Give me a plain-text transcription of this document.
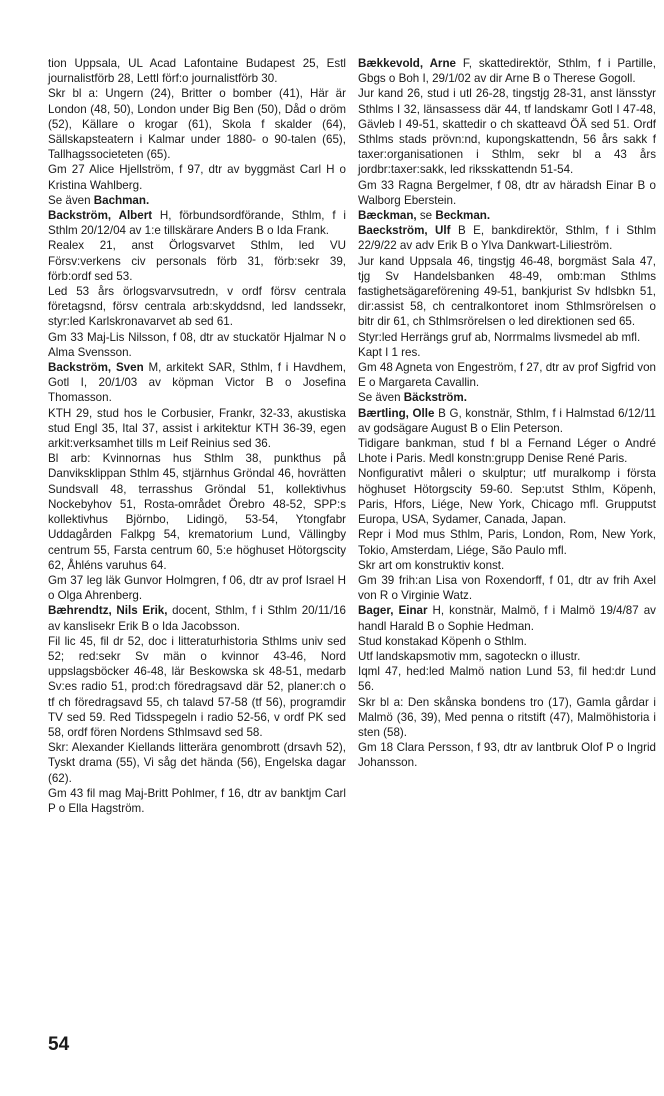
tion Uppsala, UL Acad Lafontaine Budapest 25, Estl journalistförb 28, Lettl förf:o journalistförb 30.

Skr bl a: Ungern (24), Britter o bomber (41), Här är London (48, 50), London under Big Ben (50), Dåd o dröm (52), Källare o krogar (61), Skola f skalder (64), Sällskapsteatern i Kalmar under 1880- o 90-talen (65), Tallhagssocieteten (65).

Gm 27 Alice Hjellström, f 97, dtr av byggmäst Carl H o Kristina Wahlberg.

Se även Bachman.

Backström, Albert H, förbundsordförande, Sthlm, f i Sthlm 20/12/04 av 1:e tillskärare Anders B o Ida Frank.

Realex 21, anst Örlogsvarvet Sthlm, led VU Försv:verkens civ personals förb 31, förb:sekr 39, förb:ordf sed 53.

Led 53 års örlogsvarvsutredn, v ordf försv centrala företagsnd, försv centrala arb:skyddsnd, led landssekr, styr:led Karlskronavarvet ab sed 61.

Gm 33 Maj-Lis Nilsson, f 08, dtr av stuckatör Hjalmar N o Alma Svensson.

Backström, Sven M, arkitekt SAR, Sthlm, f i Havdhem, Gotl I, 20/1/03 av köpman Victor B o Josefina Thomasson.

KTH 29, stud hos le Corbusier, Frankr, 32-33, akustiska stud Engl 35, Ital 37, assist i arkitektur KTH 36-39, egen arkit:verksamhet tills m Leif Reinius sed 36.

Bl arb: Kvinnornas hus Sthlm 38, punkthus på Danviksklippan Sthlm 45, stjärnhus Gröndal 46, hovrätten Sundsvall 48, terrasshus Gröndal 51, kollektivhus Nockebyhov 51, Rosta-området Örebro 48-52, SPP:s kollektivhus Björnbo, Lidingö, 53-54, Ytongfabr Uddagården Falkpg 54, krematorium Lund, Vällingby centrum 55, Farsta centrum 60, 5:e höghuset Hötorgscity 62, Åhléns varuhus 64.

Gm 37 leg läk Gunvor Holmgren, f 06, dtr av prof Israel H o Olga Ahrenberg.

Bæhrendtz, Nils Erik, docent, Sthlm, f i Sthlm 20/11/16 av kanslisekr Erik B o Ida Jacobsson.

Fil lic 45, fil dr 52, doc i litteraturhistoria Sthlms univ sed 52; red:sekr Sv män o kvinnor 43-46, Nord uppslagsböcker 46-48, lär Beskowska sk 48-51, medarb Sv:es radio 51, prod:ch föredragsavd där 52, planer:ch o tf ch föredragsavd 55, ch talavd 57-58 (tf 56), programdir TV sed 59. Red Tidsspegeln i radio 52-56, v ordf PK sed 58, ordf fören Nordens Sthlmsavd sed 58.

Skr: Alexander Kiellands litterära genombrott (drsavh 52), Tyskt drama (55), Vi såg det hända (56), Engelska dagar (62).

Gm 43 fil mag Maj-Britt Pohlmer, f 16, dtr av banktjm Carl P o Ella Hagström.

Bækkevold, Arne F, skattedirektör, Sthlm, f i Partille, Gbgs o Boh I, 29/1/02 av dir Arne B o Therese Gogoll.

Jur kand 26, stud i utl 26-28, tingstjg 28-31, anst länsstyr Sthlms I 32, länsassess där 44, tf landskamr Gotl I 47-48, Gävleb I 49-51, skattedir o ch skatteavd ÖÄ sed 51. Ordf Sthlms stads prövn:nd, kupongskattendn, 56 års sakk f taxer:organisationen i Sthlm, sekr bl a 43 års jordbr:taxer:sakk, led riksskattendn 51-54.

Gm 33 Ragna Bergelmer, f 08, dtr av häradsh Einar B o Walborg Eberstein.

Bæckman, se Beckman.

Baeckström, Ulf B E, bankdirektör, Sthlm, f i Sthlm 22/9/22 av adv Erik B o Ylva Dankwart-Lilieström.

Jur kand Uppsala 46, tingstjg 46-48, borgmäst Sala 47, tjg Sv Handelsbanken 48-49, omb:man Sthlms fastighetsägareförening 49-51, bankjurist Sv hdlsbkn 51, dir:assist 58, ch centralkontoret inom Sthlmsrörelsen o bitr dir 61, ch Sthlmsrörelsen o led direktionen sed 65.

Styr:led Herrängs gruf ab, Norrmalms livsmedel ab mfl.

Kapt I 1 res.

Gm 48 Agneta von Engeström, f 27, dtr av prof Sigfrid von E o Margareta Cavallin.

Se även Bäckström.

Bærtling, Olle B G, konstnär, Sthlm, f i Halmstad 6/12/11 av godsägare August B o Elin Peterson.

Tidigare bankman, stud f bl a Fernand Léger o André Lhote i Paris. Medl konstn:grupp Denise René Paris.

Nonfigurativt måleri o skulptur; utf muralkomp i första höghuset Hötorgscity 59-60. Sep:utst Sthlm, Köpenh, Paris, Hfors, Liége, New York, Chicago mfl. Grupputst Europa, USA, Sydamer, Canada, Japan.

Repr i Mod mus Sthlm, Paris, London, Rom, New York, Tokio, Amsterdam, Liége, São Paulo mfl.

Skr art om konstruktiv konst.

Gm 39 frih:an Lisa von Roxendorff, f 01, dtr av frih Axel von R o Virginie Watz.

Bager, Einar H, konstnär, Malmö, f i Malmö 19/4/87 av handl Harald B o Sophie Hedman.

Stud konstakad Köpenh o Sthlm.

Utf landskapsmotiv mm, sagoteckn o illustr.

Iqml 47, hed:led Malmö nation Lund 53, fil hed:dr Lund 56.

Skr bl a: Den skånska bondens tro (17), Gamla gårdar i Malmö (36, 39), Med penna o ritstift (47), Malmöhistoria i sten (58).

Gm 18 Clara Persson, f 93, dtr av lantbruk Olof P o Ingrid Johansson.

54
